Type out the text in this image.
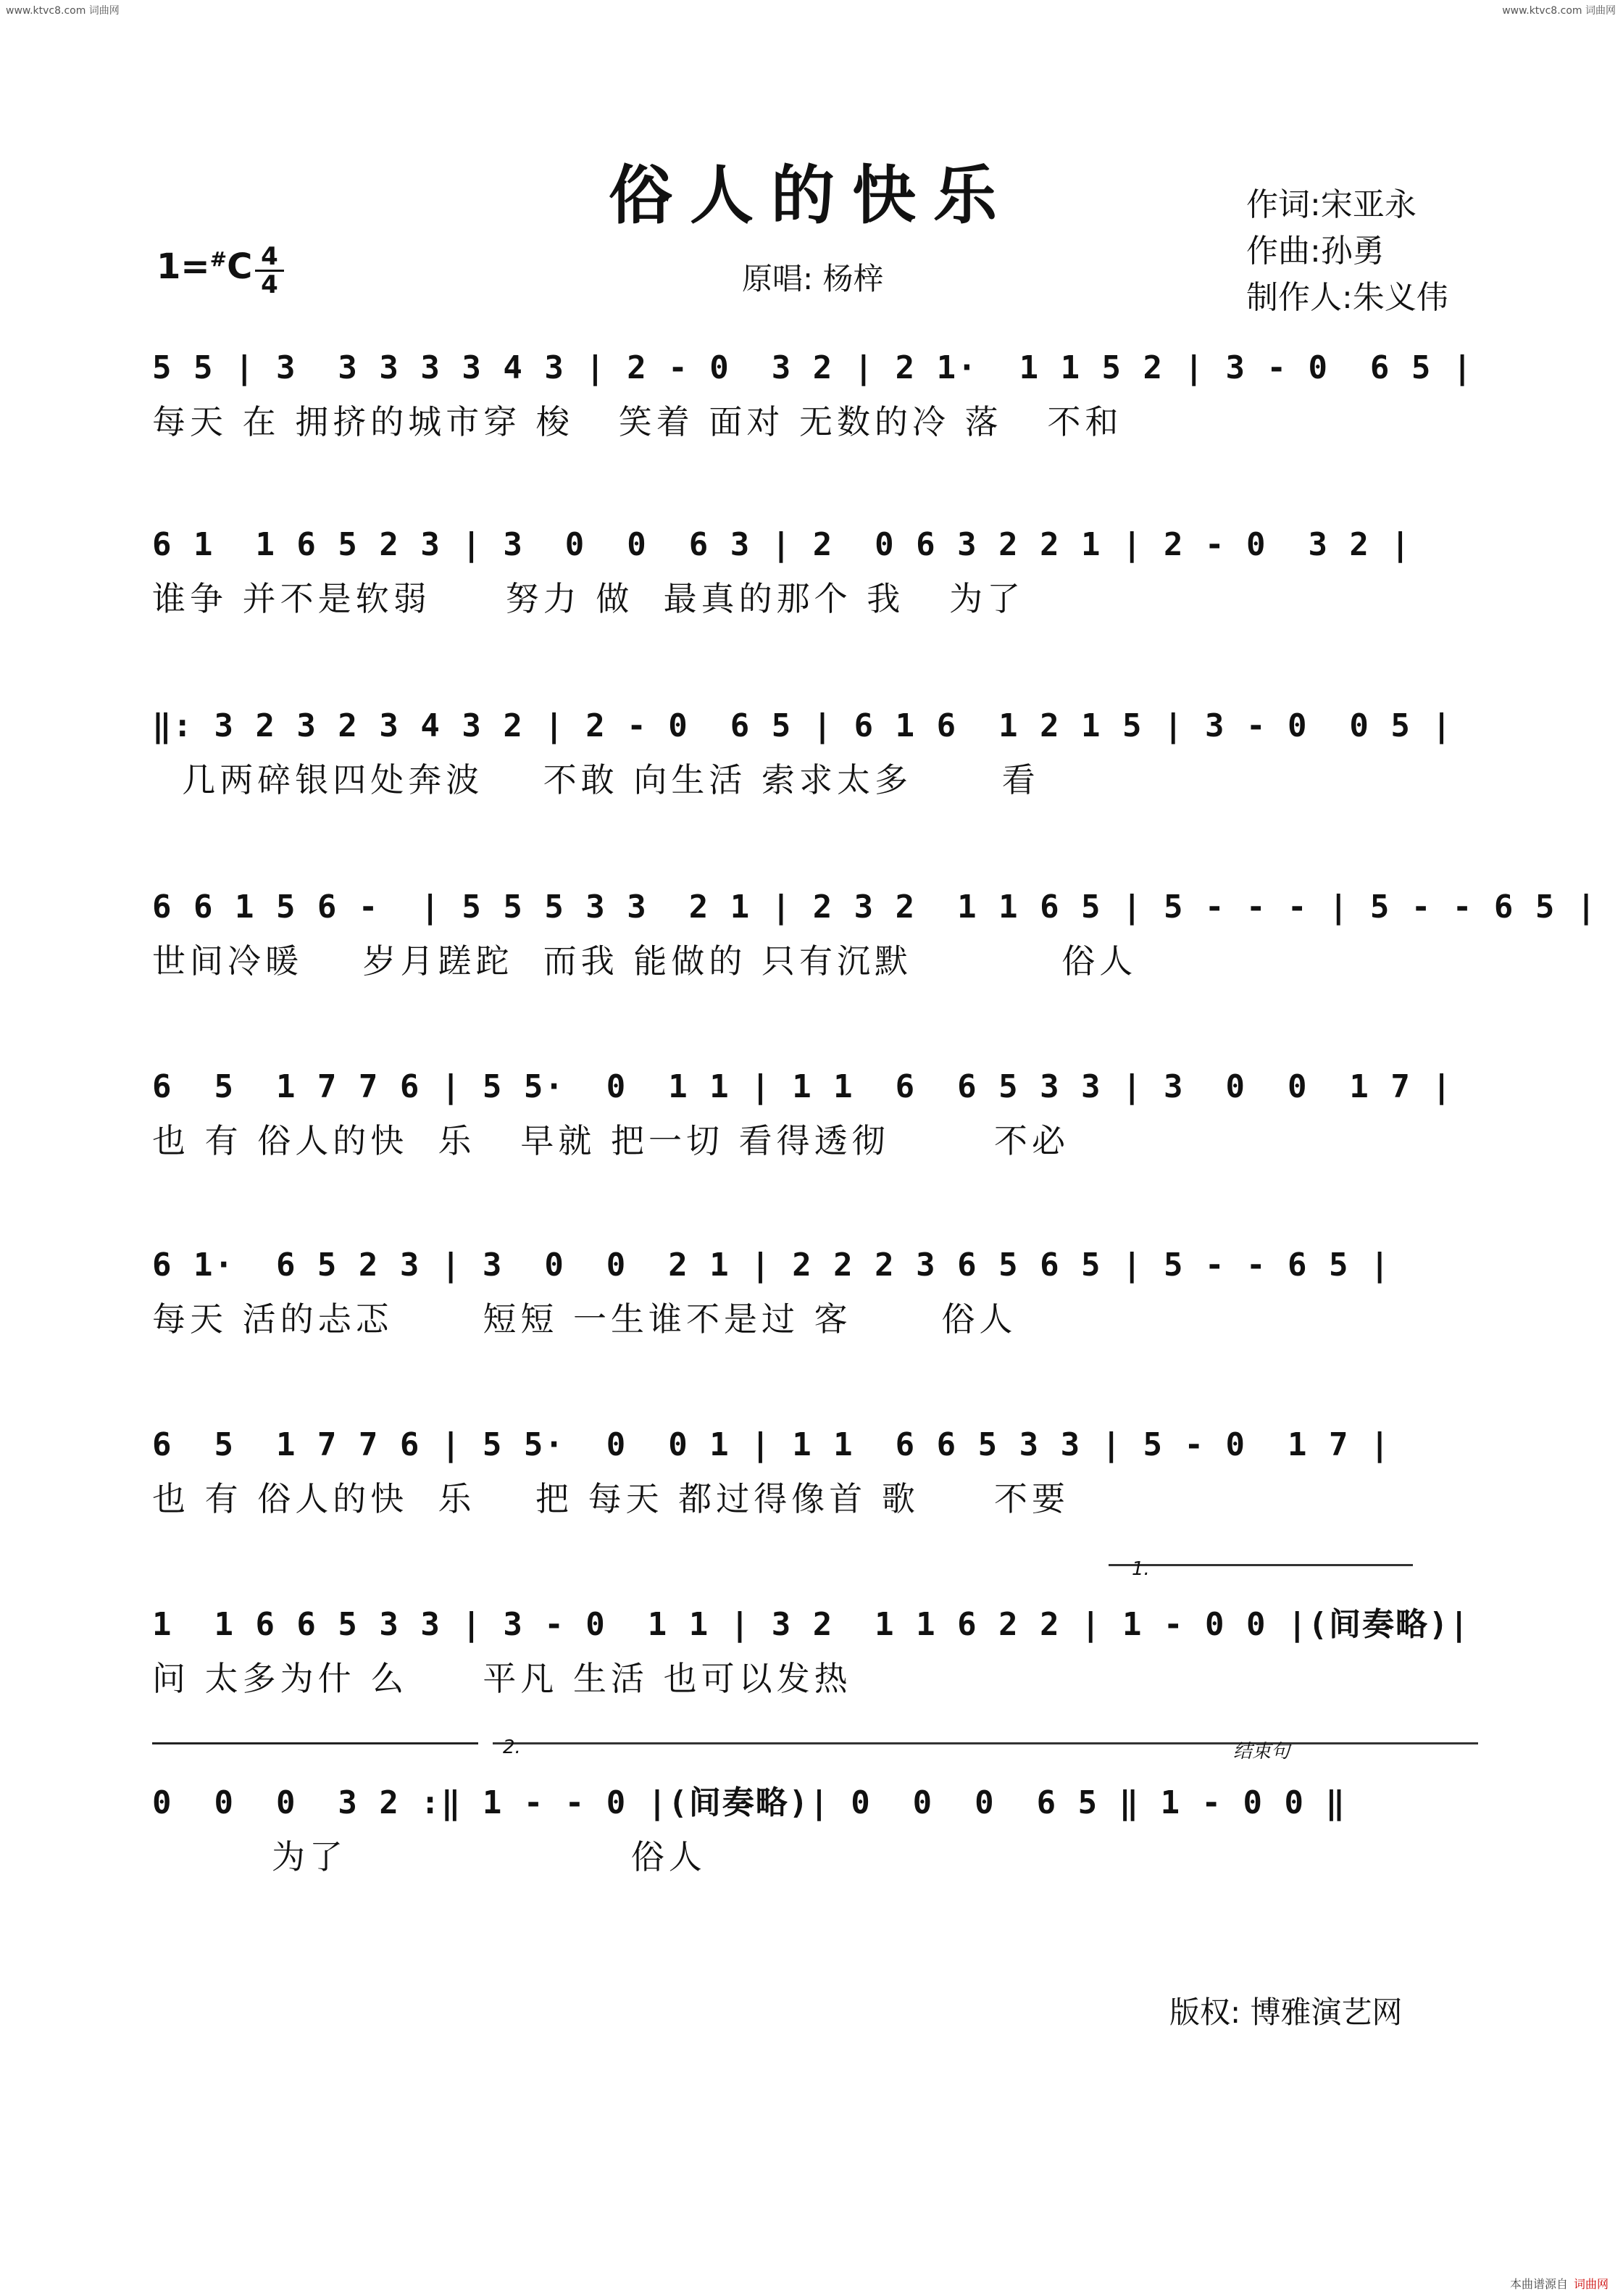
www.ktvc8.com 词曲网	www.ktvc8.com 词曲网
俗人的快乐	作词:宋亚永
作曲:孙勇
制作人:朱义伟
1=#C 4
4	原唱: 杨梓
5 5 | 3  3 3 3 3 4 3 | 2 - 0  3 2 | 2 1·  1 1 5 2 | 3 - 0  6 5 |
每天 在 拥挤的城市穿 梭   笑着 面对 无数的冷 落   不和
6 1  1 6 5 2 3 | 3  0  0  6 3 | 2  0 6 3 2 2 1 | 2 - 0  3 2 |
谁争 并不是软弱     努力 做  最真的那个 我   为了
‖: 3 2 3 2 3 4 3 2 | 2 - 0  6 5 | 6 1 6  1 2 1 5 | 3 - 0  0 5 |
几两碎银四处奔波    不敢 向生活 索求太多      看
6 6 1 5 6 -  | 5 5 5 3 3  2 1 | 2 3 2  1 1 6 5 | 5 - - - | 5 - - 6 5 |
世间冷暖    岁月蹉跎  而我 能做的 只有沉默          俗人
6  5  1 7 7 6 | 5 5·  0  1 1 | 1 1  6  6 5 3 3 | 3  0  0  1 7 |
也 有 俗人的快  乐   早就 把一切 看得透彻       不必
6 1·  6 5 2 3 | 3  0  0  2 1 | 2 2 2 3 6 5 6 5 | 5 - - 6 5 |
每天 活的忐忑      短短 一生谁不是过 客      俗人
6  5  1 7 7 6 | 5 5·  0  0 1 | 1 1  6 6 5 3 3 | 5 - 0  1 7 |
也 有 俗人的快  乐    把 每天 都过得像首 歌     不要
1.
1  1 6 6 5 3 3 | 3 - 0  1 1 | 3 2  1 1 6 2 2 | 1 - 0 0 |(间奏略)|
问 太多为什 么     平凡 生活 也可以发热
2.	结束句
0  0  0  3 2 :‖ 1 - - 0 |(间奏略)| 0  0  0  6 5 ‖ 1 - 0 0 ‖
为了                   俗人
版权: 博雅演艺网
本曲谱源自 词曲网
